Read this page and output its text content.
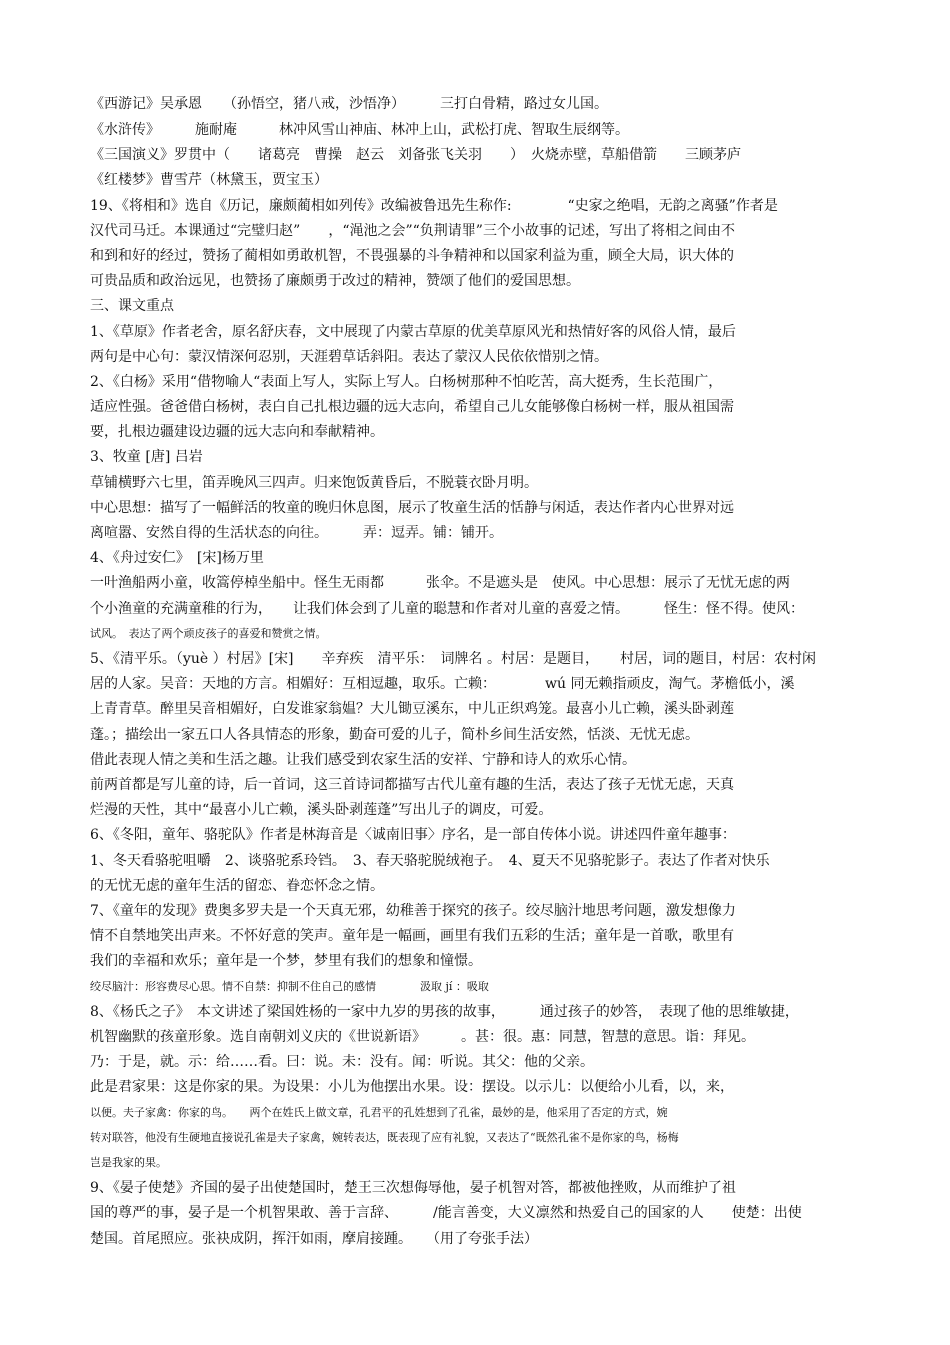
《西游记》吴承恩　　（孙悟空，猪八戒，沙悟净）　　　三打白骨精，路过女儿国。
《水浒传》　　　施耐庵　　　林冲风雪山神庙、林冲上山，武松打虎、智取生辰纲等。
《三国演义》罗贯中（　　诸葛亮　曹操　赵云　刘备张飞关羽　　）　火烧赤壁，草船借箭　　三顾茅庐
《红楼梦》曹雪芹（林黛玉，贾宝玉）
19、《将相和》选自《历记，廉颇蔺相如列传》改编被鲁迅先生称作:　　　　“史家之绝唱，无韵之离骚”作者是
汉代司马迁。本课通过“完璧归赵”　　，“渑池之会”“负荆请罪”三个小故事的记述，写出了将相之间由不
和到和好的经过，赞扬了蔺相如勇敢机智，不畏强暴的斗争精神和以国家利益为重，顾全大局，识大体的
可贵品质和政治远见，也赞扬了廉颇勇于改过的精神，赞颂了他们的爱国思想。
三、课文重点
1、《草原》作者老舍，原名舒庆春，文中展现了内蒙古草原的优美草原风光和热情好客的风俗人情，最后
两句是中心句：蒙汉情深何忍别，天涯碧草话斜阳。表达了蒙汉人民依依惜别之情。
2、《白杨》采用“借物喻人“表面上写人，实际上写人。白杨树那种不怕吃苦，高大挺秀，生长范围广，
适应性强。爸爸借白杨树，表白自己扎根边疆的远大志向，希望自己儿女能够像白杨树一样，服从祖国需
要，扎根边疆建设边疆的远大志向和奉献精神。
3、牧童 [唐] 吕岩
草铺横野六七里，笛弄晚风三四声。归来饱饭黄昏后，不脱蓑衣卧月明。
中心思想：描写了一幅鲜活的牧童的晚归休息图，展示了牧童生活的恬静与闲适，表达作者内心世界对远
离喧嚣、安然自得的生活状态的向往。　　　弄：逗弄。铺：铺开。
4、《舟过安仁》　[宋]杨万里
一叶渔船两小童，收篙停棹坐船中。怪生无雨都　　　张伞。不是遮头是　使风。中心思想：展示了无忧无虑的两
个小渔童的充满童稚的行为，　　让我们体会到了儿童的聪慧和作者对儿童的喜爱之情。　　　怪生：怪不得。使风：
试风。　表达了两个顽皮孩子的喜爱和赞赏之情。
5、《清平乐。（yuè ）村居》[宋]　　辛弃疾　清平乐：　词牌名 。村居：是题目，　　村居，词的题目，村居：农村闲
居的人家。吴音：天地的方言。相媚好：互相逗趣，取乐。亡赖：　　　　wú 同无赖指顽皮，淘气。茅檐低小，溪
上青青草。醉里吴音相媚好，白发谁家翁媪？大儿锄豆溪东，中儿正织鸡笼。最喜小儿亡赖，溪头卧剥莲
蓬。；描绘出一家五口人各具情态的形象，勤奋可爱的儿子，简朴乡间生活安然，恬淡、无忧无虑。
借此表现人情之美和生活之趣。让我们感受到农家生活的安祥、宁静和诗人的欢乐心情。
前两首都是写儿童的诗，后一首词，这三首诗词都描写古代儿童有趣的生活，表达了孩子无忧无虑，天真
烂漫的天性，其中“最喜小儿亡赖，溪头卧剥莲蓬”写出儿子的调皮，可爱。
6、《冬阳，童年、骆驼队》作者是林海音是〈诚南旧事〉序名，是一部自传体小说。讲述四件童年趣事：
1、冬天看骆驼咀嚼　2、谈骆驼系玲铛。　3、春天骆驼脱绒袍子。　4、夏天不见骆驼影子。表达了作者对快乐
的无忧无虑的童年生活的留恋、眷恋怀念之情。
7、《童年的发现》费奥多罗夫是一个天真无邪，幼稚善于探究的孩子。绞尽脑汁地思考问题，激发想像力
情不自禁地笑出声来。不怀好意的笑声。童年是一幅画，画里有我们五彩的生活；童年是一首歌，歌里有
我们的幸福和欢乐；童年是一个梦，梦里有我们的想象和憧憬。
绞尽脑汁：形容费尽心思。情不自禁：抑制不住自己的感情　　　　汲取 jí ：吸取
8、《杨氏之子》　本文讲述了梁国姓杨的一家中九岁的男孩的故事，　　　通过孩子的妙答，　表现了他的思维敏捷，
机智幽默的孩童形象。选自南朝刘义庆的《世说新语》　　　。甚：很。惠：同慧，智慧的意思。诣：拜见。
乃：于是，就。示：给……看。曰：说。未：没有。闻：听说。其父：他的父亲。
此是君家果：这是你家的果。为设果：小儿为他摆出水果。设：摆设。以示儿：以便给小儿看，以，来，
以便。夫子家禽：你家的鸟。　　两个在姓氏上做文章，孔君平的孔姓想到了孔雀，最妙的是，他采用了否定的方式，婉
转对联答，他没有生硬地直接说孔雀是夫子家禽，婉转表达，既表现了应有礼貌，又表达了“既然孔雀不是你家的鸟，杨梅
岂是我家的果。
9、《晏子使楚》齐国的晏子出使楚国时，楚王三次想侮辱他，晏子机智对答，都被他挫败，从而维护了祖
国的尊严的事，晏子是一个机智果敢、善于言辞、　　　/能言善变，大义凛然和热爱自己的国家的人　　使楚：出使
楚国。首尾照应。张袂成阴，挥汗如雨，摩肩接踵。　　（用了夸张手法）
